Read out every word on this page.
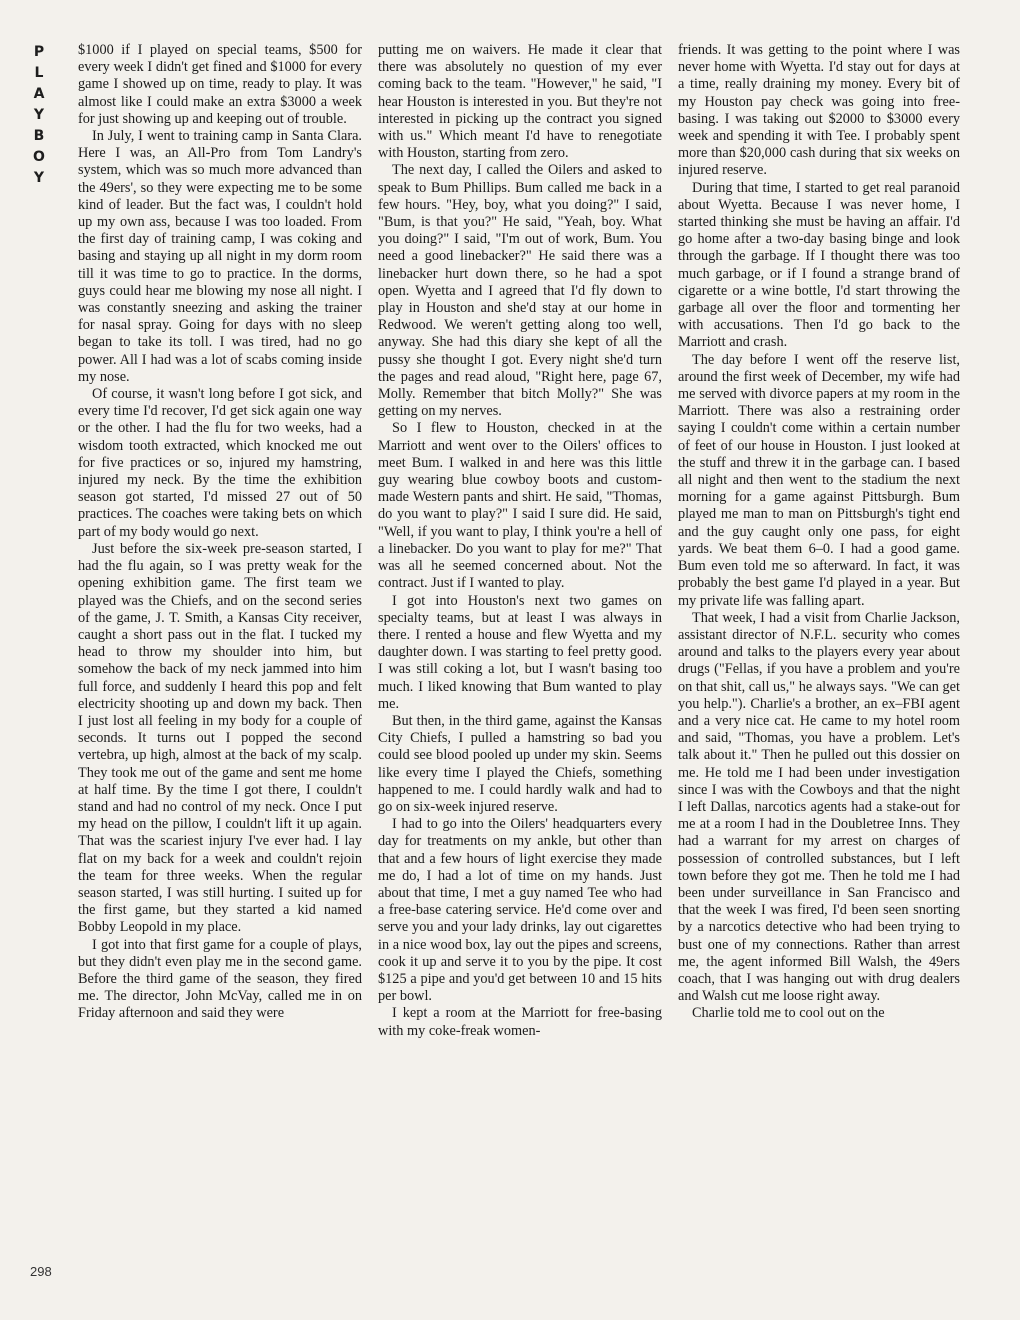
P
L
A
Y
B
O
Y

$1000 if I played on special teams, $500 for every week I didn't get fined and $1000 for every game I showed up on time, ready to play. It was almost like I could make an extra $3000 a week for just showing up and keeping out of trouble.

In July, I went to training camp in Santa Clara. Here I was, an All-Pro from Tom Landry's system, which was so much more advanced than the 49ers', so they were expecting me to be some kind of leader. But the fact was, I couldn't hold up my own ass, because I was too loaded. From the first day of training camp, I was coking and basing and staying up all night in my dorm room till it was time to go to practice. In the dorms, guys could hear me blowing my nose all night. I was constantly sneezing and asking the trainer for nasal spray. Going for days with no sleep began to take its toll. I was tired, had no go power. All I had was a lot of scabs coming inside my nose.

Of course, it wasn't long before I got sick, and every time I'd recover, I'd get sick again one way or the other. I had the flu for two weeks, had a wisdom tooth extracted, which knocked me out for five practices or so, injured my hamstring, injured my neck. By the time the exhibition season got started, I'd missed 27 out of 50 practices. The coaches were taking bets on which part of my body would go next.

Just before the six-week pre-season started, I had the flu again, so I was pretty weak for the opening exhibition game. The first team we played was the Chiefs, and on the second series of the game, J. T. Smith, a Kansas City receiver, caught a short pass out in the flat. I tucked my head to throw my shoulder into him, but somehow the back of my neck jammed into him full force, and suddenly I heard this pop and felt electricity shooting up and down my back. Then I just lost all feeling in my body for a couple of seconds. It turns out I popped the second vertebra, up high, almost at the back of my scalp. They took me out of the game and sent me home at half time. By the time I got there, I couldn't stand and had no control of my neck. Once I put my head on the pillow, I couldn't lift it up again. That was the scariest injury I've ever had. I lay flat on my back for a week and couldn't rejoin the team for three weeks. When the regular season started, I was still hurting. I suited up for the first game, but they started a kid named Bobby Leopold in my place.

I got into that first game for a couple of plays, but they didn't even play me in the second game. Before the third game of the season, they fired me. The director, John McVay, called me in on Friday afternoon and said they were

putting me on waivers. He made it clear that there was absolutely no question of my ever coming back to the team. "However," he said, "I hear Houston is interested in you. But they're not interested in picking up the contract you signed with us." Which meant I'd have to renegotiate with Houston, starting from zero.

The next day, I called the Oilers and asked to speak to Bum Phillips. Bum called me back in a few hours. "Hey, boy, what you doing?" I said, "Bum, is that you?" He said, "Yeah, boy. What you doing?" I said, "I'm out of work, Bum. You need a good linebacker?" He said there was a linebacker hurt down there, so he had a spot open. Wyetta and I agreed that I'd fly down to play in Houston and she'd stay at our home in Redwood. We weren't getting along too well, anyway. She had this diary she kept of all the pussy she thought I got. Every night she'd turn the pages and read aloud, "Right here, page 67, Molly. Remember that bitch Molly?" She was getting on my nerves.

So I flew to Houston, checked in at the Marriott and went over to the Oilers' offices to meet Bum. I walked in and here was this little guy wearing blue cowboy boots and custom-made Western pants and shirt. He said, "Thomas, do you want to play?" I said I sure did. He said, "Well, if you want to play, I think you're a hell of a linebacker. Do you want to play for me?" That was all he seemed concerned about. Not the contract. Just if I wanted to play.

I got into Houston's next two games on specialty teams, but at least I was always in there. I rented a house and flew Wyetta and my daughter down. I was starting to feel pretty good. I was still coking a lot, but I wasn't basing too much. I liked knowing that Bum wanted to play me.

But then, in the third game, against the Kansas City Chiefs, I pulled a hamstring so bad you could see blood pooled up under my skin. Seems like every time I played the Chiefs, something happened to me. I could hardly walk and had to go on six-week injured reserve.

I had to go into the Oilers' headquarters every day for treatments on my ankle, but other than that and a few hours of light exercise they made me do, I had a lot of time on my hands. Just about that time, I met a guy named Tee who had a free-base catering service. He'd come over and serve you and your lady drinks, lay out cigarettes in a nice wood box, lay out the pipes and screens, cook it up and serve it to you by the pipe. It cost $125 a pipe and you'd get between 10 and 15 hits per bowl.

I kept a room at the Marriott for free-basing with my coke-freak women-

friends. It was getting to the point where I was never home with Wyetta. I'd stay out for days at a time, really draining my money. Every bit of my Houston pay check was going into free-basing. I was taking out $2000 to $3000 every week and spending it with Tee. I probably spent more than $20,000 cash during that six weeks on injured reserve.

During that time, I started to get real paranoid about Wyetta. Because I was never home, I started thinking she must be having an affair. I'd go home after a two-day basing binge and look through the garbage. If I thought there was too much garbage, or if I found a strange brand of cigarette or a wine bottle, I'd start throwing the garbage all over the floor and tormenting her with accusations. Then I'd go back to the Marriott and crash.

The day before I went off the reserve list, around the first week of December, my wife had me served with divorce papers at my room in the Marriott. There was also a restraining order saying I couldn't come within a certain number of feet of our house in Houston. I just looked at the stuff and threw it in the garbage can. I based all night and then went to the stadium the next morning for a game against Pittsburgh. Bum played me man to man on Pittsburgh's tight end and the guy caught only one pass, for eight yards. We beat them 6–0. I had a good game. Bum even told me so afterward. In fact, it was probably the best game I'd played in a year. But my private life was falling apart.

That week, I had a visit from Charlie Jackson, assistant director of N.F.L. security who comes around and talks to the players every year about drugs ("Fellas, if you have a problem and you're on that shit, call us," he always says. "We can get you help."). Charlie's a brother, an ex–FBI agent and a very nice cat. He came to my hotel room and said, "Thomas, you have a problem. Let's talk about it." Then he pulled out this dossier on me. He told me I had been under investigation since I was with the Cowboys and that the night I left Dallas, narcotics agents had a stake-out for me at a room I had in the Doubletree Inns. They had a warrant for my arrest on charges of possession of controlled substances, but I left town before they got me. Then he told me I had been under surveillance in San Francisco and that the week I was fired, I'd been seen snorting by a narcotics detective who had been trying to bust one of my connections. Rather than arrest me, the agent informed Bill Walsh, the 49ers coach, that I was hanging out with drug dealers and Walsh cut me loose right away.

Charlie told me to cool out on the

298
